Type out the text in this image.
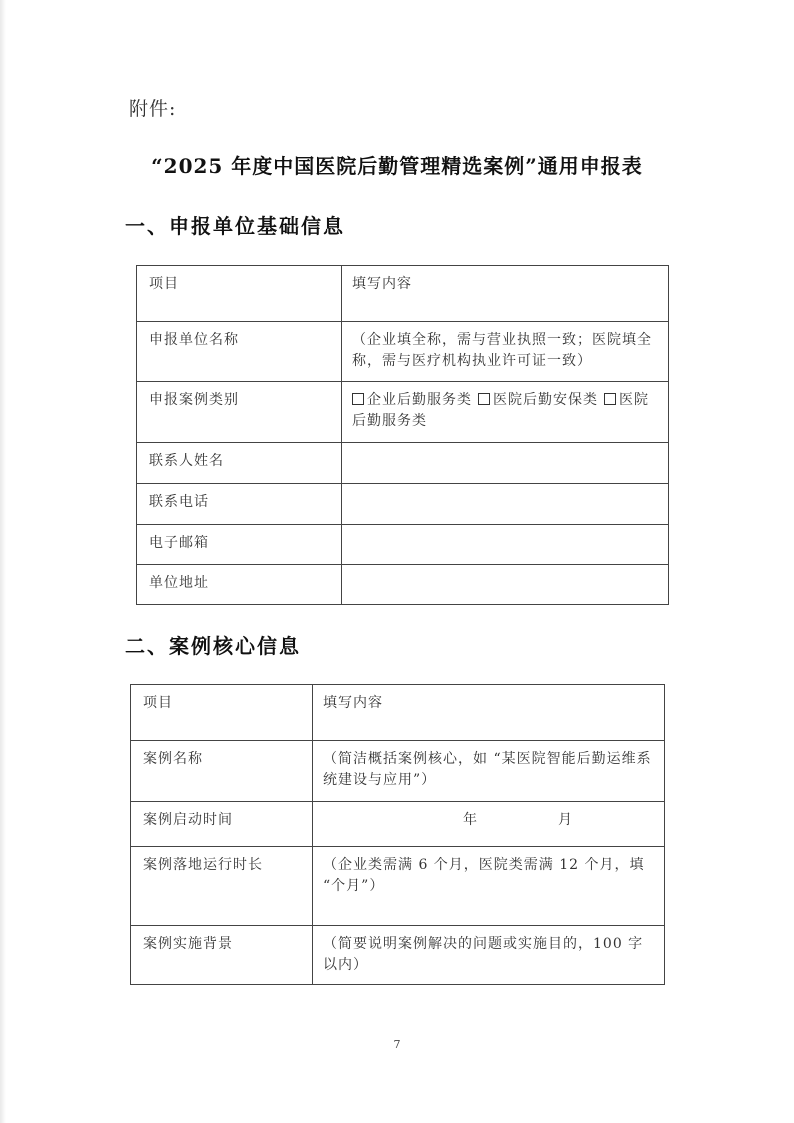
附件:
“2025 年度中国医院后勤管理精选案例”通用申报表
一、申报单位基础信息
项目	填写内容
申报单位名称	（企业填全称，需与营业执照一致；医院填全称，需与医疗机构执业许可证一致）
申报案例类别	企业后勤服务类 医院后勤安保类 医院后勤服务类
联系人姓名	
联系电话	
电子邮箱	
单位地址	
二、案例核心信息
项目	填写内容
案例名称	（简洁概括案例核心，如 “某医院智能后勤运维系统建设与应用”）
案例启动时间	年 月
案例落地运行时长	（企业类需满 6 个月，医院类需满 12 个月，填 “个月”）
案例实施背景	（简要说明案例解决的问题或实施目的，100 字以内）
7
